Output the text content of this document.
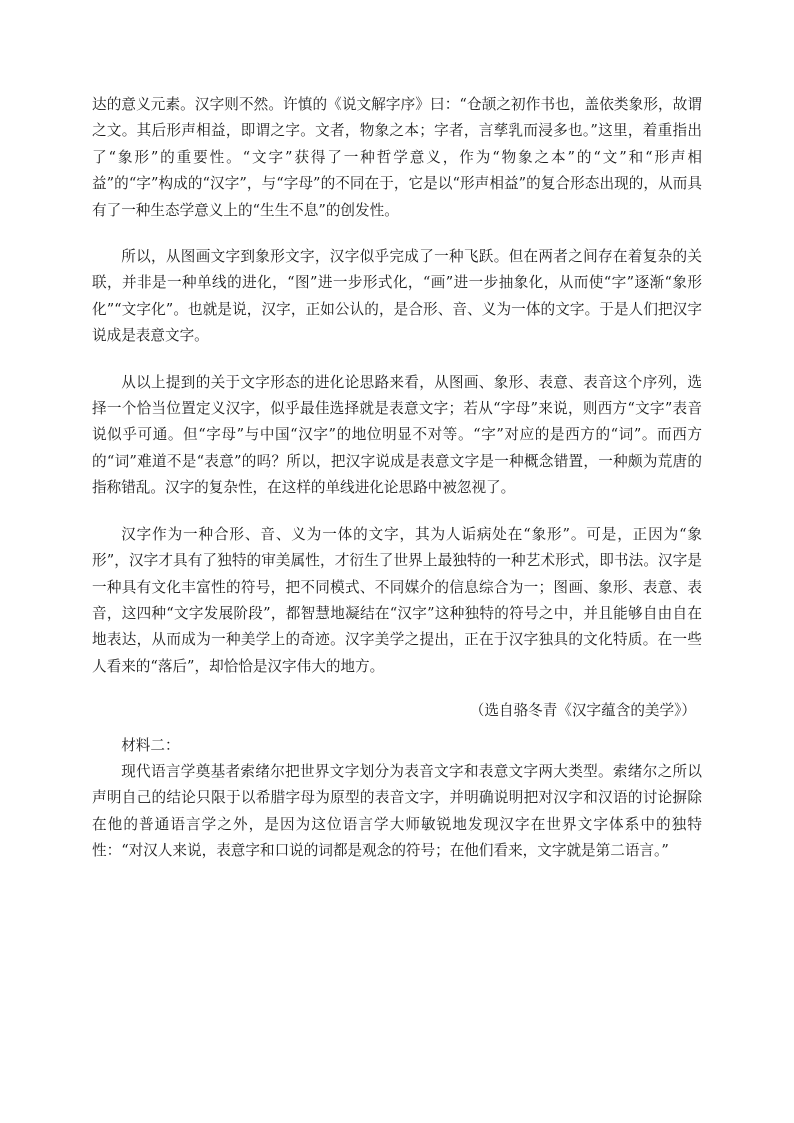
达的意义元素。汉字则不然。许慎的《说文解字序》曰：“仓颉之初作书也，盖依类象形，故谓之文。其后形声相益，即谓之字。文者，物象之本；字者，言孳乳而浸多也。”这里，着重指出了“象形”的重要性。“文字”获得了一种哲学意义，作为“物象之本”的“文”和“形声相益”的“字”构成的“汉字”，与“字母”的不同在于，它是以“形声相益”的复合形态出现的，从而具有了一种生态学意义上的“生生不息”的创发性。

所以，从图画文字到象形文字，汉字似乎完成了一种飞跃。但在两者之间存在着复杂的关联，并非是一种单线的进化，“图”进一步形式化，“画”进一步抽象化，从而使“字”逐渐“象形化”“文字化”。也就是说，汉字，正如公认的，是合形、音、义为一体的文字。于是人们把汉字说成是表意文字。

从以上提到的关于文字形态的进化论思路来看，从图画、象形、表意、表音这个序列，选择一个恰当位置定义汉字，似乎最佳选择就是表意文字；若从“字母”来说，则西方“文字”表音说似乎可通。但“字母”与中国“汉字”的地位明显不对等。“字”对应的是西方的“词”。而西方的“词”难道不是“表意”的吗？所以，把汉字说成是表意文字是一种概念错置，一种颇为荒唐的指称错乱。汉字的复杂性，在这样的单线进化论思路中被忽视了。

汉字作为一种合形、音、义为一体的文字，其为人诟病处在“象形”。可是，正因为“象形”，汉字才具有了独特的审美属性，才衍生了世界上最独特的一种艺术形式，即书法。汉字是一种具有文化丰富性的符号，把不同模式、不同媒介的信息综合为一；图画、象形、表意、表音，这四种“文字发展阶段”，都智慧地凝结在“汉字”这种独特的符号之中，并且能够自由自在地表达，从而成为一种美学上的奇迹。汉字美学之提出，正在于汉字独具的文化特质。在一些人看来的“落后”，却恰恰是汉字伟大的地方。

（选自骆冬青《汉字蕴含的美学》）

材料二：

现代语言学奠基者索绪尔把世界文字划分为表音文字和表意文字两大类型。索绪尔之所以声明自己的结论只限于以希腊字母为原型的表音文字，并明确说明把对汉字和汉语的讨论摒除在他的普通语言学之外，是因为这位语言学大师敏锐地发现汉字在世界文字体系中的独特性：“对汉人来说，表意字和口说的词都是观念的符号；在他们看来，文字就是第二语言。”
